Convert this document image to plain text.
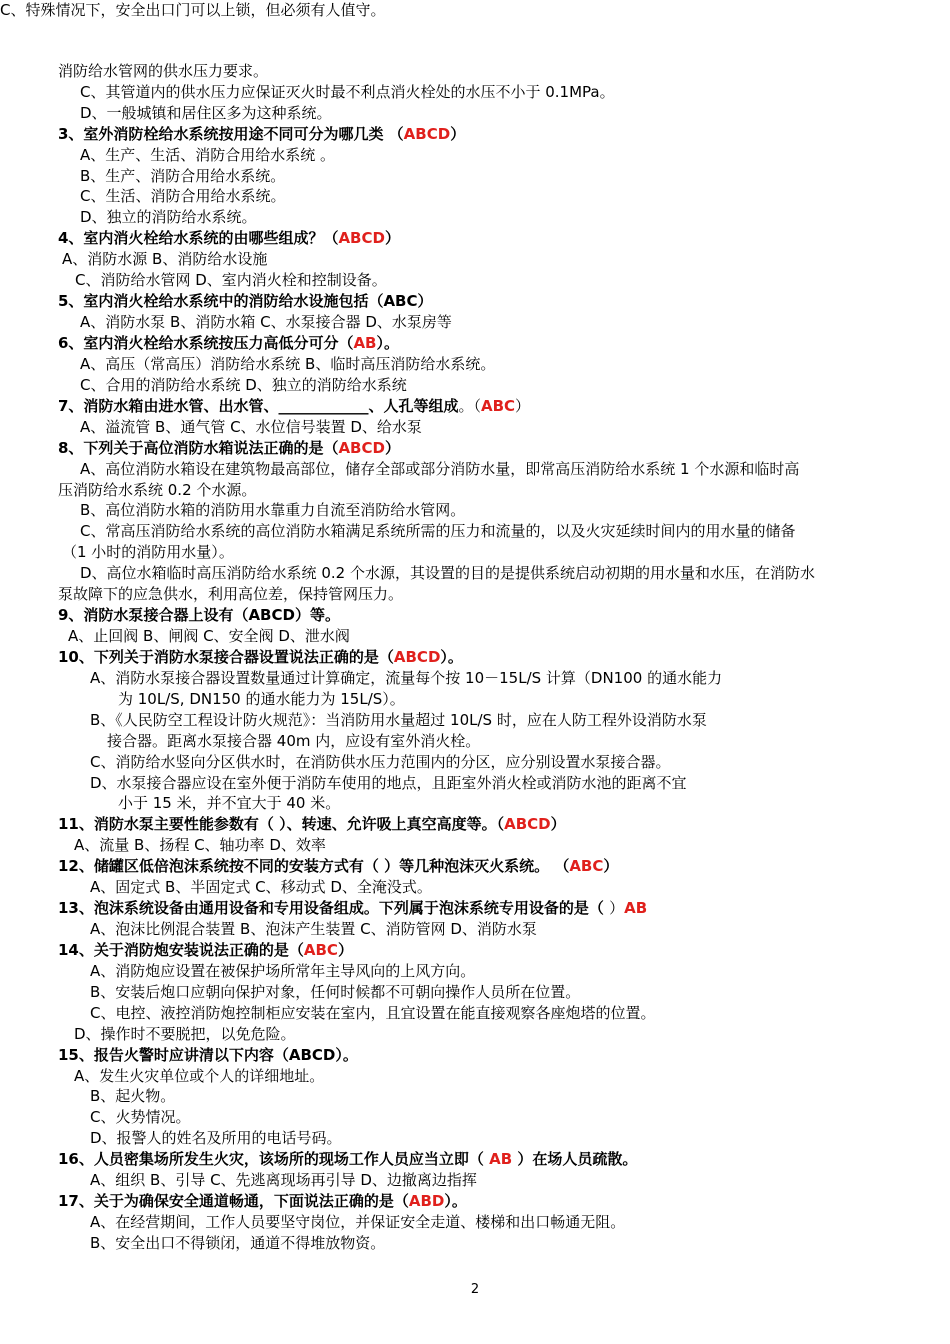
消防给水管网的供水压力要求。
C、其管道内的供水压力应保证灭火时最不利点消火栓处的水压不小于 0.1MPa。
D、一般城镇和居住区多为这种系统。
3、室外消防栓给水系统按用途不同可分为哪几类 （ABCD）
A、生产、生活、消防合用给水系统 。
B、生产、消防合用给水系统。
C、生活、消防合用给水系统。
D、独立的消防给水系统。
4、室内消火栓给水系统的由哪些组成？（ABCD）
A、消防水源 B、消防给水设施
C、消防给水管网 D、室内消火栓和控制设备。
5、室内消火栓给水系统中的消防给水设施包括（ABC）
A、消防水泵 B、消防水箱 C、水泵接合器 D、水泵房等
6、室内消火栓给水系统按压力高低分可分（AB）。
A、高压（常高压）消防给水系统 B、临时高压消防给水系统。
C、合用的消防给水系统 D、独立的消防给水系统
7、消防水箱由进水管、出水管、____________、人孔等组成。（ABC）
A、溢流管 B、通气管 C、水位信号装置 D、给水泵
8、下列关于高位消防水箱说法正确的是（ABCD）
A、高位消防水箱设在建筑物最高部位，储存全部或部分消防水量，即常高压消防给水系统 1 个水源和临时高
压消防给水系统 0.2 个水源。
B、高位消防水箱的消防用水靠重力自流至消防给水管网。
C、常高压消防给水系统的高位消防水箱满足系统所需的压力和流量的，以及火灾延续时间内的用水量的储备
（1 小时的消防用水量）。
D、高位水箱临时高压消防给水系统 0.2 个水源，其设置的目的是提供系统启动初期的用水量和水压，在消防水
泵故障下的应急供水，利用高位差，保持管网压力。
9、消防水泵接合器上设有（ABCD）等。
A、止回阀 B、闸阀 C、安全阀 D、泄水阀
10、下列关于消防水泵接合器设置说法正确的是（ABCD）。
A、消防水泵接合器设置数量通过计算确定，流量每个按 10－15L/S 计算（DN100 的通水能力
为 10L/S, DN150 的通水能力为 15L/S）。
B、《人民防空工程设计防火规范》：当消防用水量超过 10L/S 时，应在人防工程外设消防水泵
接合器。距离水泵接合器 40m 内，应设有室外消火栓。
C、消防给水竖向分区供水时，在消防供水压力范围内的分区，应分别设置水泵接合器。
D、水泵接合器应设在室外便于消防车使用的地点，且距室外消火栓或消防水池的距离不宜
小于 15 米，并不宜大于 40 米。
11、消防水泵主要性能参数有（ ）、转速、允许吸上真空高度等。（ABCD）
A、流量 B、扬程 C、轴功率 D、效率
12、储罐区低倍泡沫系统按不同的安装方式有（ ）等几种泡沫灭火系统。 （ABC）
A、固定式 B、半固定式 C、移动式 D、全淹没式。
13、泡沫系统设备由通用设备和专用设备组成。下列属于泡沫系统专用设备的是（ ）AB
A、泡沫比例混合装置 B、泡沫产生装置 C、消防管网 D、消防水泵
14、关于消防炮安装说法正确的是（ABC）
A、消防炮应设置在被保护场所常年主导风向的上风方向。
B、安装后炮口应朝向保护对象，任何时候都不可朝向操作人员所在位置。
C、电控、液控消防炮控制柜应安装在室内，且宜设置在能直接观察各座炮塔的位置。
D、操作时不要脱把，以免危险。
15、报告火警时应讲清以下内容（ABCD）。
A、发生火灾单位或个人的详细地址。
B、起火物。
C、火势情况。
D、报警人的姓名及所用的电话号码。
16、人员密集场所发生火灾，该场所的现场工作人员应当立即（ AB ）在场人员疏散。
A、组织 B、引导 C、先逃离现场再引导 D、边撤离边指挥
17、关于为确保安全通道畅通，下面说法正确的是（ABD）。
A、在经营期间，工作人员要坚守岗位，并保证安全走道、楼梯和出口畅通无阻。
B、安全出口不得锁闭，通道不得堆放物资。
C、特殊情况下，安全出口门可以上锁，但必须有人值守。
2
